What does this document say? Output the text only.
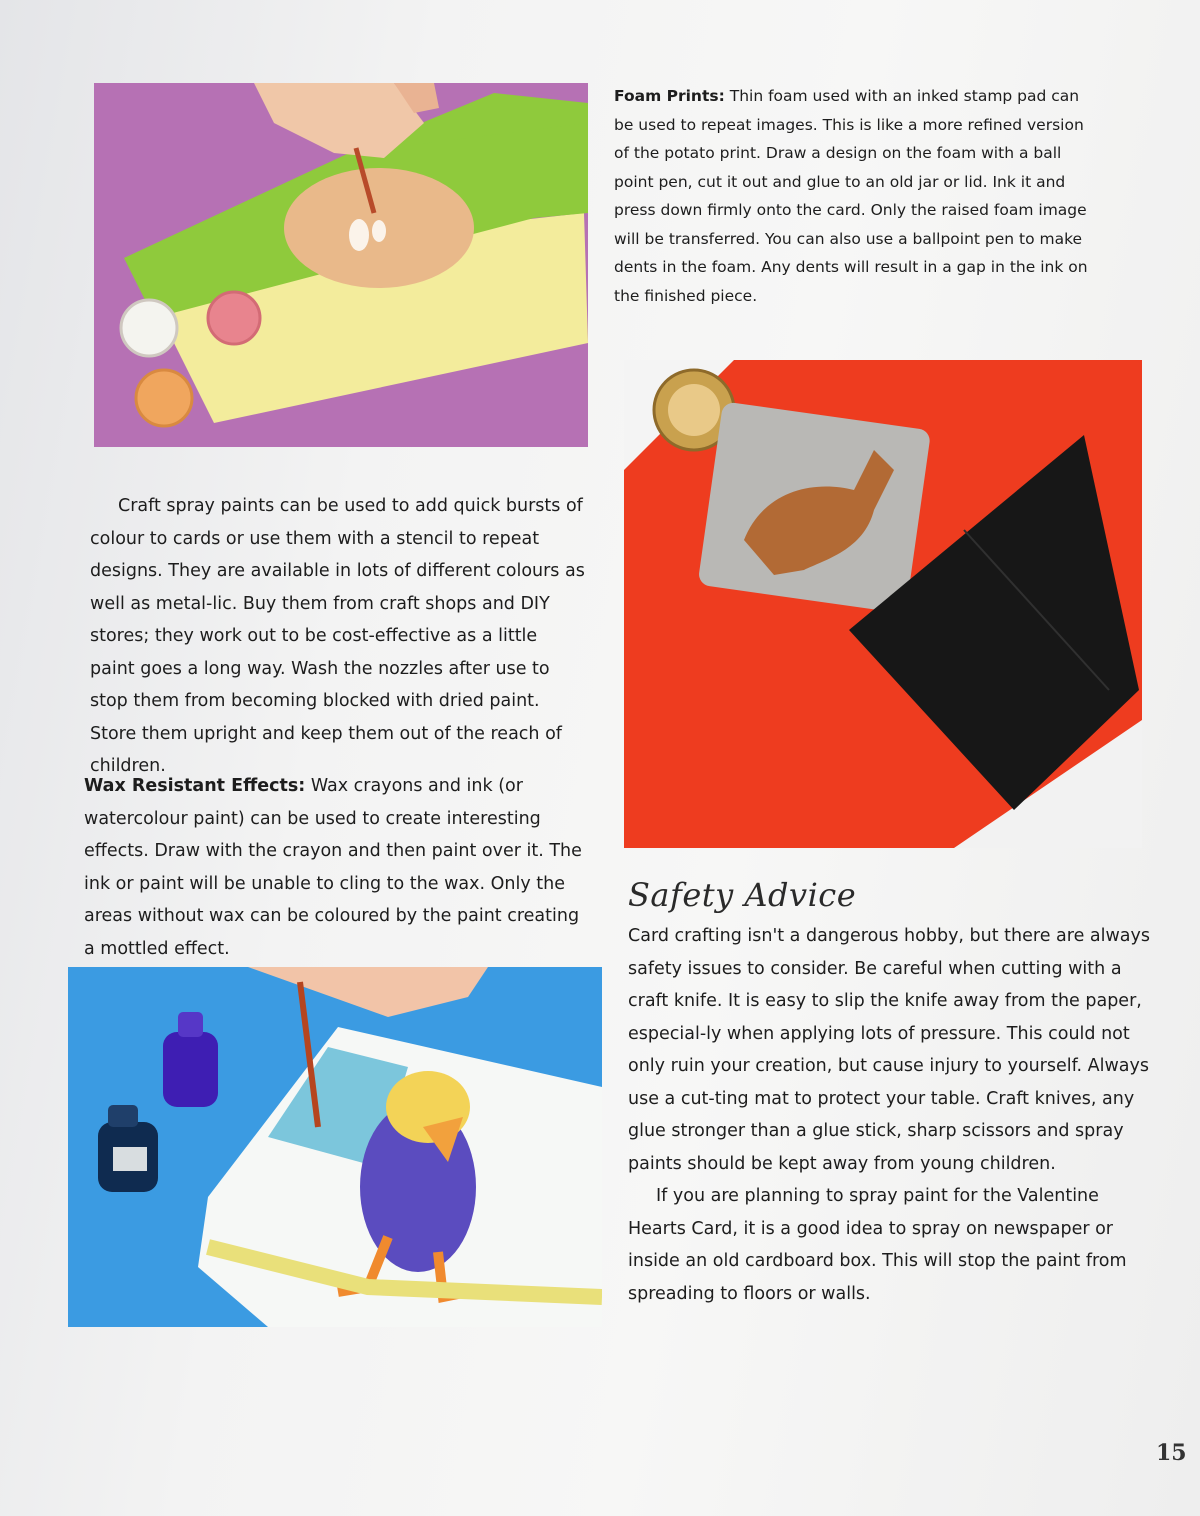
Foam Prints: Thin foam used with an inked stamp pad can be used to repeat images. This is like a more refined version of the potato print. Draw a design on the foam with a ball point pen, cut it out and glue to an old jar or lid. Ink it and press down firmly onto the card. Only the raised foam image will be transferred. You can also use a ballpoint pen to make dents in the foam. Any dents will result in a gap in the ink on the finished piece.

Craft spray paints can be used to add quick bursts of colour to cards or use them with a stencil to repeat designs. They are available in lots of different colours as well as metal-lic. Buy them from craft shops and DIY stores; they work out to be cost-effective as a little paint goes a long way. Wash the nozzles after use to stop them from becoming blocked with dried paint. Store them upright and keep them out of the reach of children.

Wax Resistant Effects: Wax crayons and ink (or watercolour paint) can be used to create interesting effects. Draw with the crayon and then paint over it. The ink or paint will be unable to cling to the wax. Only the areas without wax can be coloured by the paint creating a mottled effect.

Safety Advice

Card crafting isn't a dangerous hobby, but there are always safety issues to consider. Be careful when cutting with a craft knife. It is easy to slip the knife away from the paper, especial-ly when applying lots of pressure. This could not only ruin your creation, but cause injury to yourself. Always use a cut-ting mat to protect your table. Craft knives, any glue stronger than a glue stick, sharp scissors and spray paints should be kept away from young children.

If you are planning to spray paint for the Valentine Hearts Card, it is a good idea to spray on newspaper or inside an old cardboard box. This will stop the paint from spreading to floors or walls.

15
